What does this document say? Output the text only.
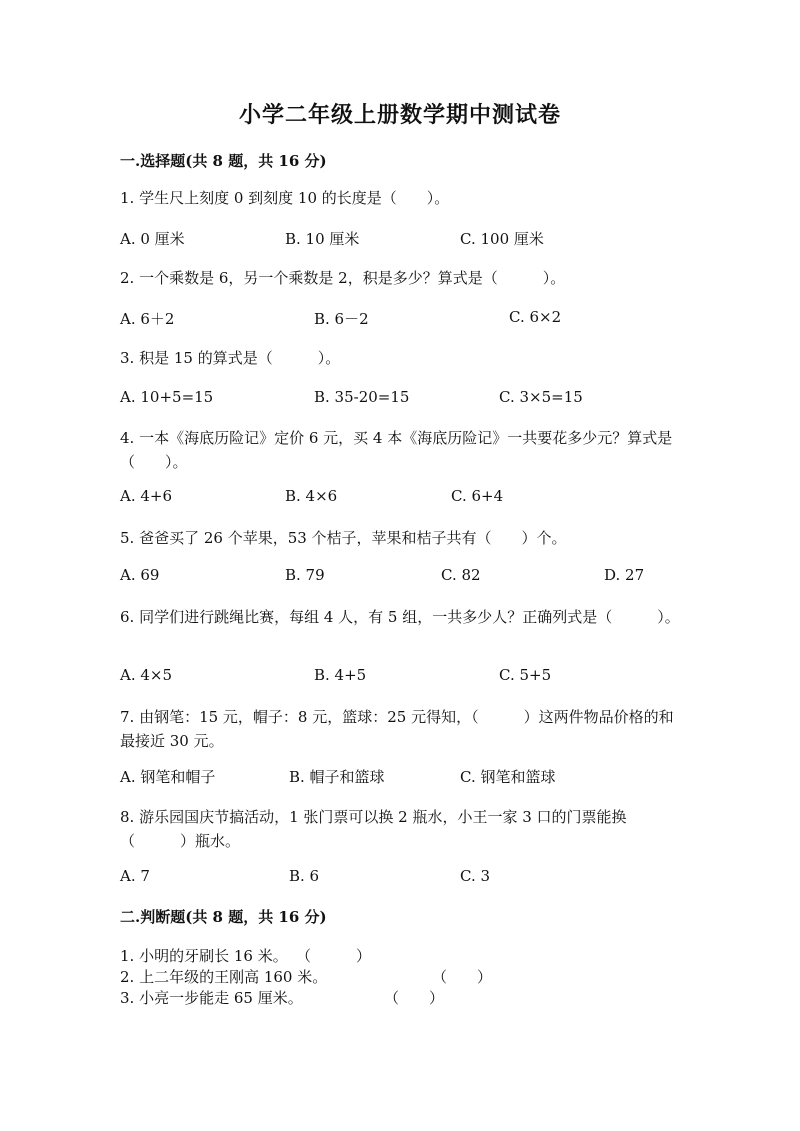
小学二年级上册数学期中测试卷
一.选择题(共 8 题，共 16 分)
1. 学生尺上刻度 0 到刻度 10 的长度是（　　）。
A. 0 厘米	B. 10 厘米	C. 100 厘米
2. 一个乘数是 6，另一个乘数是 2，积是多少？算式是（　　　）。
A. 6＋2	B. 6－2	C. 6×2
3. 积是 15 的算式是（　　　）。
A. 10+5=15	B. 35-20=15	C. 3×5=15
4. 一本《海底历险记》定价 6 元，买 4 本《海底历险记》一共要花多少元？算式是（　　）。
A. 4+6	B. 4×6	C. 6+4
5. 爸爸买了 26 个苹果，53 个桔子，苹果和桔子共有（　　）个。
A. 69	B. 79	C. 82	D. 27
6. 同学们进行跳绳比赛，每组 4 人，有 5 组，一共多少人？正确列式是（　　　）。
A. 4×5	B. 4+5	C. 5+5
7. 由钢笔：15 元，帽子：8 元，篮球：25 元得知，（　　　）这两件物品价格的和最接近 30 元。
A. 钢笔和帽子	B. 帽子和篮球	C. 钢笔和篮球
8. 游乐园国庆节搞活动，1 张门票可以换 2 瓶水，小王一家 3 口的门票能换（　　　）瓶水。
A. 7	B. 6	C. 3
二.判断题(共 8 题，共 16 分)
1. 小明的牙刷长 16 米。 （　　　）
2. 上二年级的王刚高 160 米。	（　　）
3. 小亮一步能走 65 厘米。	（　　）
